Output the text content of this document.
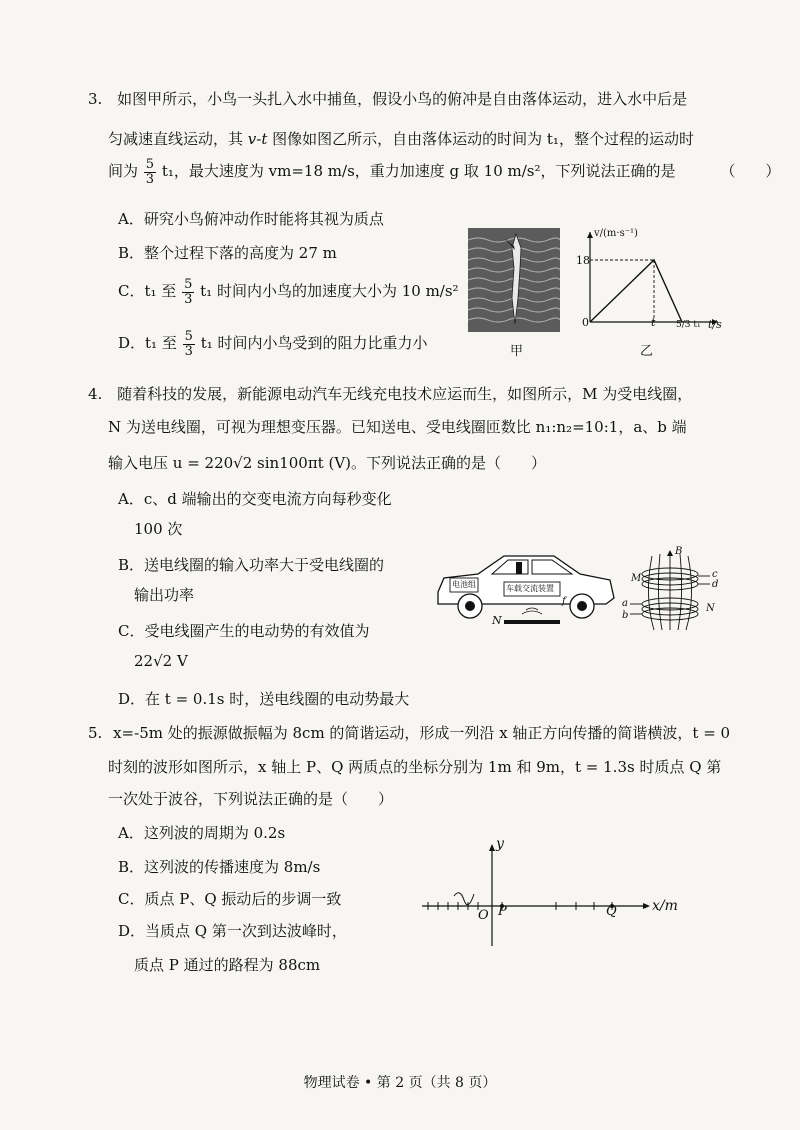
3. 如图甲所示，小鸟一头扎入水中捕鱼，假设小鸟的俯冲是自由落体运动，进入水中后是
匀减速直线运动，其 v-t 图像如图乙所示，自由落体运动的时间为 t₁，整个过程的运动时
间为 $\frac{5}{3} t_1$，最大速度为 vm=18 m/s，重力加速度 g 取 10 m/s²，下列说法正确的是	（　　）
A．研究小鸟俯冲动作时能将其视为质点
B．整个过程下落的高度为 27 m
C．t₁ 至 $\frac{5}{3} t_1$ 时间内小鸟的加速度大小为 10 m/s²
D．t₁ 至 $\frac{5}{3} t_1$ 时间内小鸟受到的阻力比重力小	甲
v/(m·s⁻¹)
18
0	t 5/3 t₁ t/s
乙
4. 随着科技的发展，新能源电动汽车无线充电技术应运而生，如图所示，M 为受电线圈，
N 为送电线圈，可视为理想变压器。已知送电、受电线圈匝数比 n₁:n₂=10:1，a、b 端
输入电压 u = 220√2 sin100πt (V)。下列说法正确的是（　　）
A．c、d 端输出的交变电流方向每秒变化
100 次
B．送电线圈的输入功率大于受电线圈的
输出功率
C．受电线圈产生的电动势的有效值为
22√2 V
D．在 t = 0.1s 时，送电线圈的电动势最大
电池组	车载交流装置
f
N
B
M	c
d
a
b
N
5. x=-5m 处的振源做振幅为 8cm 的简谐运动，形成一列沿 x 轴正方向传播的简谐横波，t = 0
时刻的波形如图所示，x 轴上 P、Q 两质点的坐标分别为 1m 和 9m，t = 1.3s 时质点 Q 第
一次处于波谷，下列说法正确的是（　　）
A．这列波的周期为 0.2s
B．这列波的传播速度为 8m/s
C．质点 P、Q 振动后的步调一致
D．当质点 Q 第一次到达波峰时，
质点 P 通过的路程为 88cm
y
x/m
O P	Q
物理试卷 • 第 2 页（共 8 页）
